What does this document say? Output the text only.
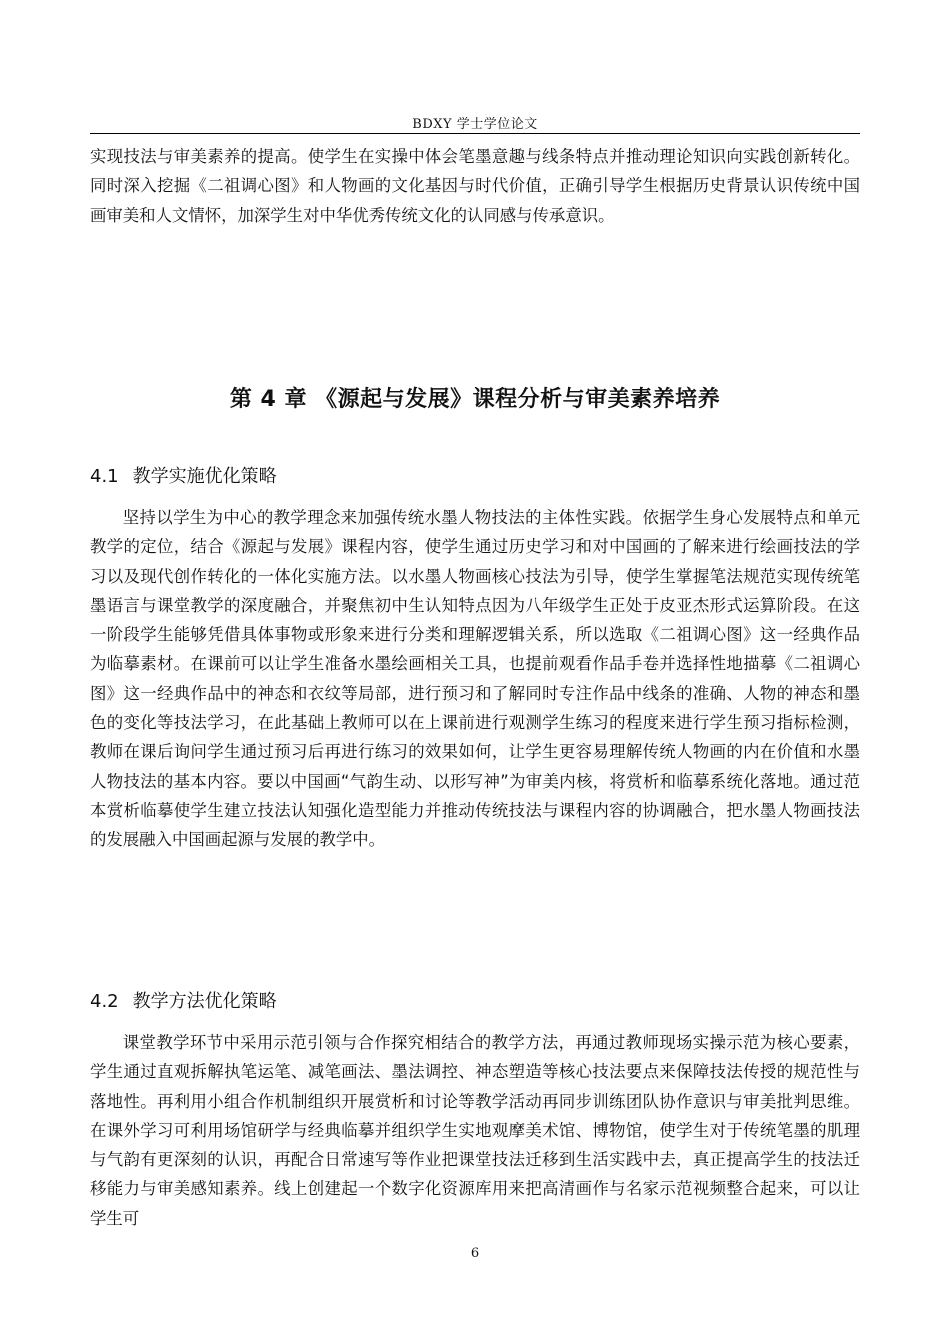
BDXY 学士学位论文

实现技法与审美素养的提高。使学生在实操中体会笔墨意趣与线条特点并推动理论知识向实践创新转化。同时深入挖掘《二祖调心图》和人物画的文化基因与时代价值，正确引导学生根据历史背景认识传统中国画审美和人文情怀，加深学生对中华优秀传统文化的认同感与传承意识。

第 4 章 《源起与发展》课程分析与审美素养培养
4.1 教学实施优化策略

坚持以学生为中心的教学理念来加强传统水墨人物技法的主体性实践。依据学生身心发展特点和单元教学的定位，结合《源起与发展》课程内容，使学生通过历史学习和对中国画的了解来进行绘画技法的学习以及现代创作转化的一体化实施方法。以水墨人物画核心技法为引导，使学生掌握笔法规范实现传统笔墨语言与课堂教学的深度融合，并聚焦初中生认知特点因为八年级学生正处于皮亚杰形式运算阶段。在这一阶段学生能够凭借具体事物或形象来进行分类和理解逻辑关系，所以选取《二祖调心图》这一经典作品为临摹素材。在课前可以让学生准备水墨绘画相关工具，也提前观看作品手卷并选择性地描摹《二祖调心图》这一经典作品中的神态和衣纹等局部，进行预习和了解同时专注作品中线条的准确、人物的神态和墨色的变化等技法学习，在此基础上教师可以在上课前进行观测学生练习的程度来进行学生预习指标检测，教师在课后询问学生通过预习后再进行练习的效果如何，让学生更容易理解传统人物画的内在价值和水墨人物技法的基本内容。要以中国画“气韵生动、以形写神”为审美内核，将赏析和临摹系统化落地。通过范本赏析临摹使学生建立技法认知强化造型能力并推动传统技法与课程内容的协调融合，把水墨人物画技法的发展融入中国画起源与发展的教学中。

4.2 教学方法优化策略

课堂教学环节中采用示范引领与合作探究相结合的教学方法，再通过教师现场实操示范为核心要素，学生通过直观拆解执笔运笔、减笔画法、墨法调控、神态塑造等核心技法要点来保障技法传授的规范性与落地性。再利用小组合作机制组织开展赏析和讨论等教学活动再同步训练团队协作意识与审美批判思维。在课外学习可利用场馆研学与经典临摹并组织学生实地观摩美术馆、博物馆，使学生对于传统笔墨的肌理与气韵有更深刻的认识，再配合日常速写等作业把课堂技法迁移到生活实践中去，真正提高学生的技法迁移能力与审美感知素养。线上创建起一个数字化资源库用来把高清画作与名家示范视频整合起来，可以让学生可

6
